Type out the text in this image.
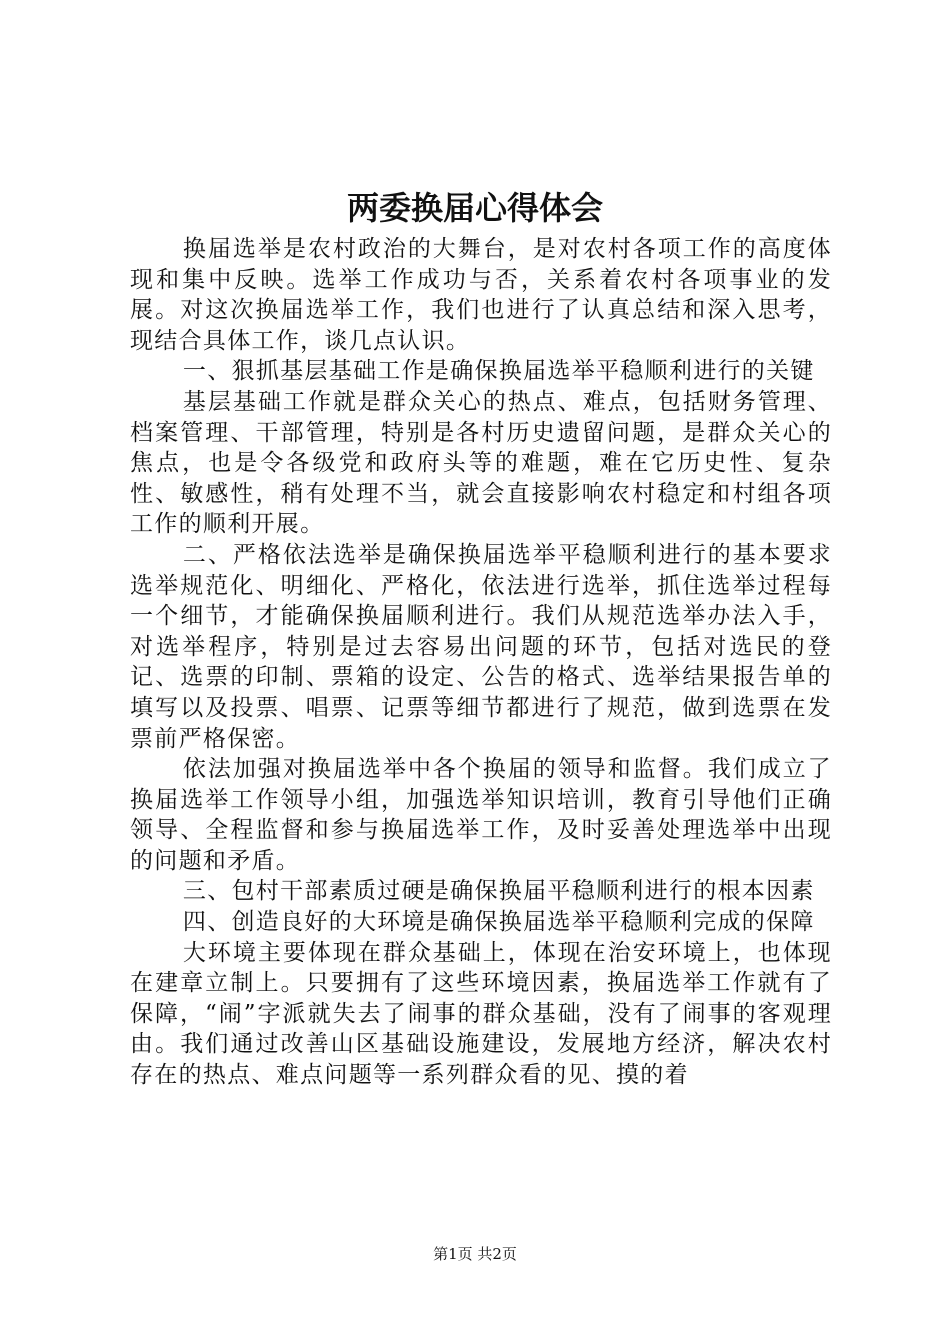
两委换届心得体会

换届选举是农村政治的大舞台，是对农村各项工作的高度体现和集中反映。选举工作成功与否，关系着农村各项事业的发展。对这次换届选举工作，我们也进行了认真总结和深入思考，现结合具体工作，谈几点认识。

一、狠抓基层基础工作是确保换届选举平稳顺利进行的关键

基层基础工作就是群众关心的热点、难点，包括财务管理、档案管理、干部管理，特别是各村历史遗留问题，是群众关心的焦点，也是令各级党和政府头等的难题，难在它历史性、复杂性、敏感性，稍有处理不当，就会直接影响农村稳定和村组各项工作的顺利开展。

二、严格依法选举是确保换届选举平稳顺利进行的基本要求选举规范化、明细化、严格化，依法进行选举，抓住选举过程每一个细节，才能确保换届顺利进行。我们从规范选举办法入手，对选举程序，特别是过去容易出问题的环节，包括对选民的登记、选票的印制、票箱的设定、公告的格式、选举结果报告单的填写以及投票、唱票、记票等细节都进行了规范，做到选票在发票前严格保密。

依法加强对换届选举中各个换届的领导和监督。我们成立了换届选举工作领导小组，加强选举知识培训，教育引导他们正确领导、全程监督和参与换届选举工作，及时妥善处理选举中出现的问题和矛盾。

三、包村干部素质过硬是确保换届平稳顺利进行的根本因素

四、创造良好的大环境是确保换届选举平稳顺利完成的保障

大环境主要体现在群众基础上，体现在治安环境上，也体现在建章立制上。只要拥有了这些环境因素，换届选举工作就有了保障，“闹”字派就失去了闹事的群众基础，没有了闹事的客观理由。我们通过改善山区基础设施建设，发展地方经济，解决农村存在的热点、难点问题等一系列群众看的见、摸的着

第1页 共2页
